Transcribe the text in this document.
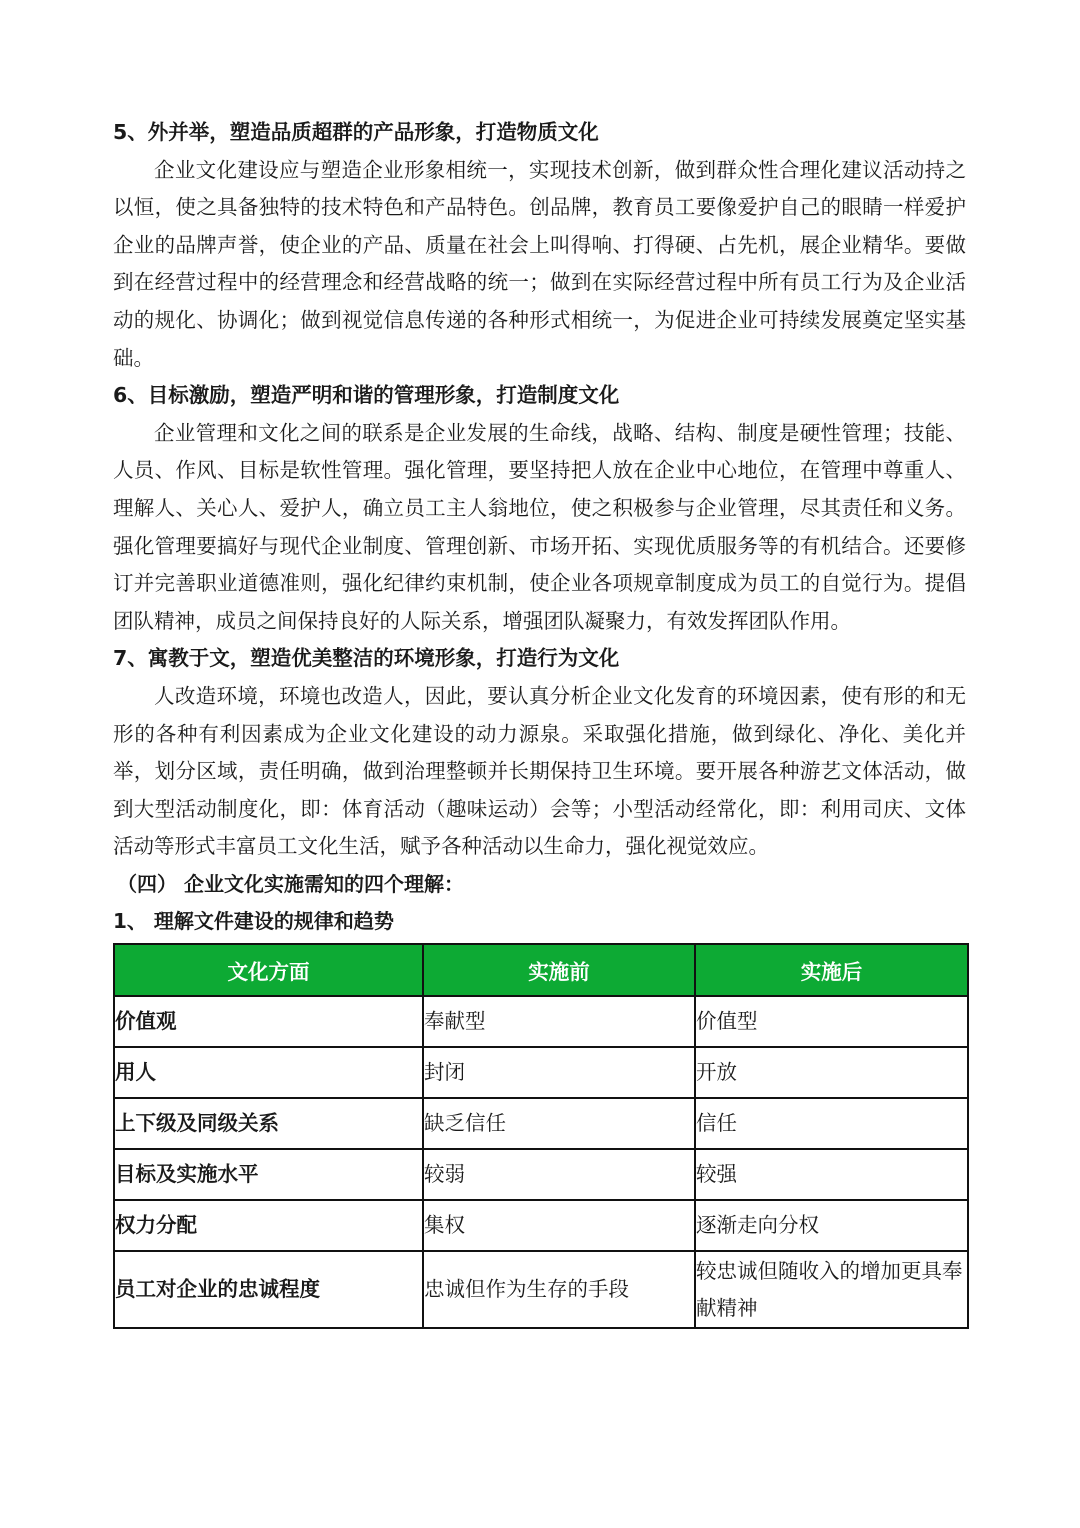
5、外并举，塑造品质超群的产品形象，打造物质文化

企业文化建设应与塑造企业形象相统一，实现技术创新，做到群众性合理化建议活动持之以恒，使之具备独特的技术特色和产品特色。创品牌，教育员工要像爱护自己的眼睛一样爱护企业的品牌声誉，使企业的产品、质量在社会上叫得响、打得硬、占先机，展企业精华。要做到在经营过程中的经营理念和经营战略的统一；做到在实际经营过程中所有员工行为及企业活动的规化、协调化；做到视觉信息传递的各种形式相统一，为促进企业可持续发展奠定坚实基础。

6、目标激励，塑造严明和谐的管理形象，打造制度文化

企业管理和文化之间的联系是企业发展的生命线，战略、结构、制度是硬性管理；技能、人员、作风、目标是软性管理。强化管理，要坚持把人放在企业中心地位，在管理中尊重人、理解人、关心人、爱护人，确立员工主人翁地位，使之积极参与企业管理，尽其责任和义务。强化管理要搞好与现代企业制度、管理创新、市场开拓、实现优质服务等的有机结合。还要修订并完善职业道德准则，强化纪律约束机制，使企业各项规章制度成为员工的自觉行为。提倡团队精神，成员之间保持良好的人际关系，增强团队凝聚力，有效发挥团队作用。

7、寓教于文，塑造优美整洁的环境形象，打造行为文化

人改造环境，环境也改造人，因此，要认真分析企业文化发育的环境因素，使有形的和无形的各种有利因素成为企业文化建设的动力源泉。采取强化措施，做到绿化、净化、美化并举，划分区域，责任明确，做到治理整顿并长期保持卫生环境。要开展各种游艺文体活动，做到大型活动制度化，即：体育活动（趣味运动）会等；小型活动经常化，即：利用司庆、文体活动等形式丰富员工文化生活，赋予各种活动以生命力，强化视觉效应。

（四） 企业文化实施需知的四个理解：

1、 理解文件建设的规律和趋势

文化方面	实施前	实施后
价值观	奉献型	价值型
用人	封闭	开放
上下级及同级关系	缺乏信任	信任
目标及实施水平	较弱	较强
权力分配	集权	逐渐走向分权
员工对企业的忠诚程度	忠诚但作为生存的手段	较忠诚但随收入的增加更具奉献精神
